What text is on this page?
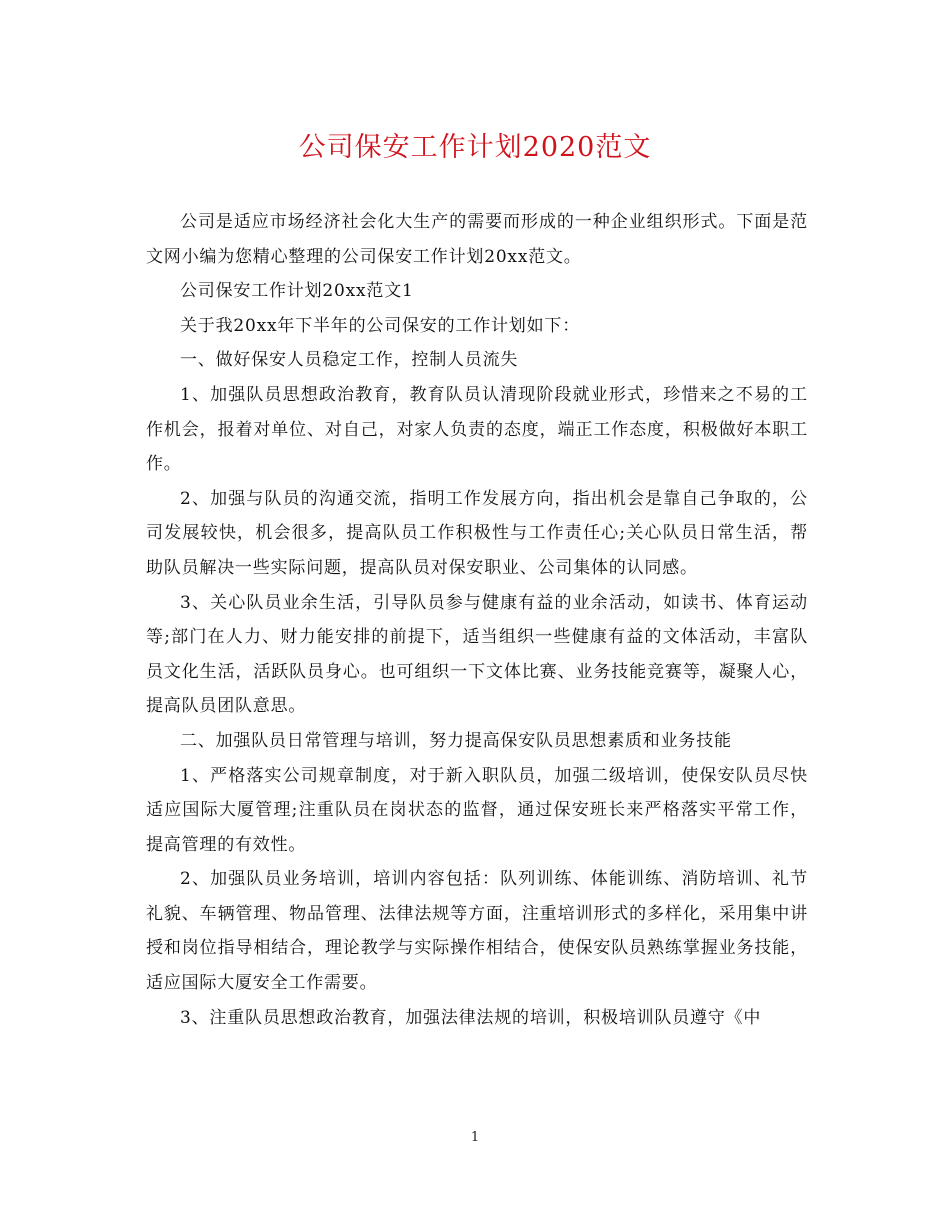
公司保安工作计划2020范文

公司是适应市场经济社会化大生产的需要而形成的一种企业组织形式。下面是范文网小编为您精心整理的公司保安工作计划20xx范文。

公司保安工作计划20xx范文1

关于我20xx年下半年的公司保安的工作计划如下：

一、做好保安人员稳定工作，控制人员流失

1、加强队员思想政治教育，教育队员认清现阶段就业形式，珍惜来之不易的工作机会，报着对单位、对自己，对家人负责的态度，端正工作态度，积极做好本职工作。

2、加强与队员的沟通交流，指明工作发展方向，指出机会是靠自己争取的，公司发展较快，机会很多，提高队员工作积极性与工作责任心;关心队员日常生活，帮助队员解决一些实际问题，提高队员对保安职业、公司集体的认同感。

3、关心队员业余生活，引导队员参与健康有益的业余活动，如读书、体育运动等;部门在人力、财力能安排的前提下，适当组织一些健康有益的文体活动，丰富队员文化生活，活跃队员身心。也可组织一下文体比赛、业务技能竞赛等，凝聚人心，提高队员团队意思。

二、加强队员日常管理与培训，努力提高保安队员思想素质和业务技能

1、严格落实公司规章制度，对于新入职队员，加强二级培训，使保安队员尽快适应国际大厦管理;注重队员在岗状态的监督，通过保安班长来严格落实平常工作，提高管理的有效性。

2、加强队员业务培训，培训内容包括：队列训练、体能训练、消防培训、礼节礼貌、车辆管理、物品管理、法律法规等方面，注重培训形式的多样化，采用集中讲授和岗位指导相结合，理论教学与实际操作相结合，使保安队员熟练掌握业务技能，适应国际大厦安全工作需要。

3、注重队员思想政治教育，加强法律法规的培训，积极培训队员遵守《中

1
